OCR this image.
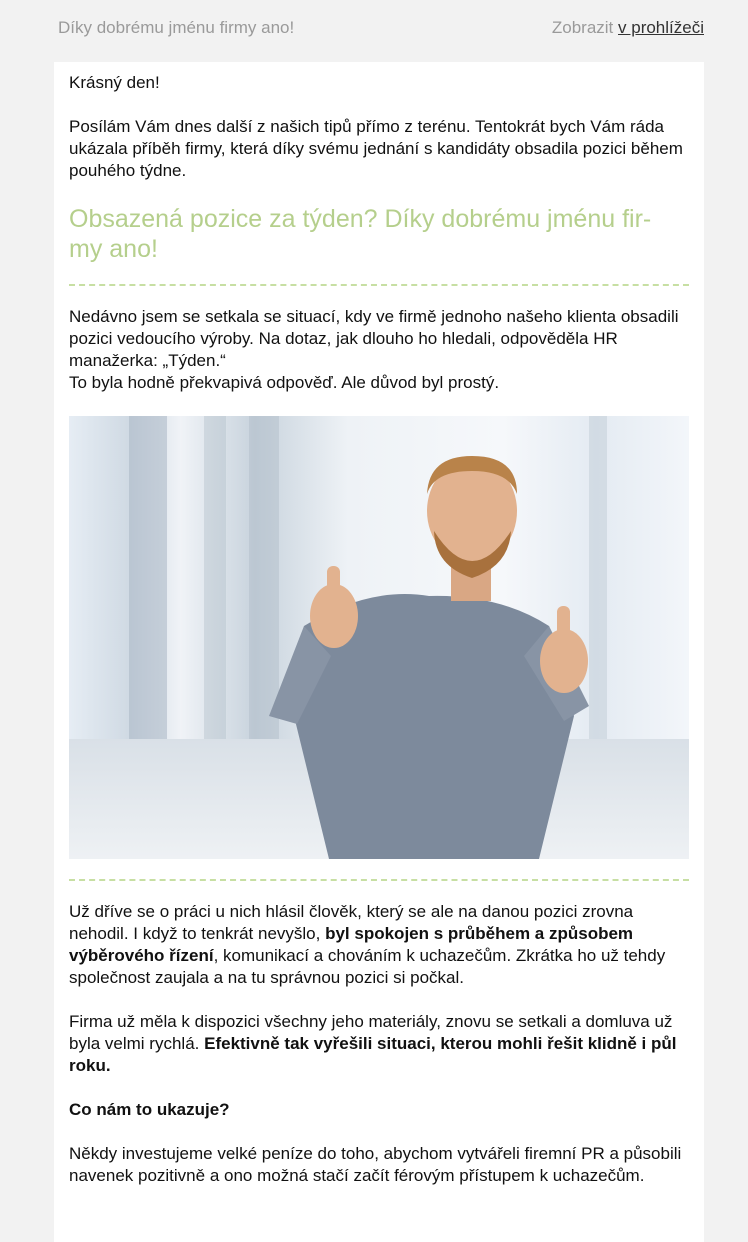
Díky dobrému jménu firmy ano!	Zobrazit v prohlížeči

Krásný den!

Posílám Vám dnes další z našich tipů přímo z terénu. Tentokrát bych Vám ráda ukázala příběh firmy, která díky svému jednání s kandidáty obsadila pozici během pouhého týdne.

Obsazená pozice za týden? Díky dobrému jménu fir-
my ano!

Nedávno jsem se setkala se situací, kdy ve firmě jednoho našeho klienta obsadili pozici vedoucího výroby. Na dotaz, jak dlouho ho hledali, odpověděla HR manažerka: „Týden.“
To byla hodně překvapivá odpověď. Ale důvod byl prostý.

Už dříve se o práci u nich hlásil člověk, který se ale na danou pozici zrovna nehodil. I když to tenkrát nevyšlo, byl spokojen s průběhem a způsobem výběrového řízení, komunikací a chováním k uchazečům. Zkrátka ho už tehdy společnost zaujala a na tu správnou pozici si počkal.

Firma už měla k dispozici všechny jeho materiály, znovu se setkali a domluva už byla velmi rychlá. Efektivně tak vyřešili situaci, kterou mohli řešit klidně i půl roku.

Co nám to ukazuje?

Někdy investujeme velké peníze do toho, abychom vytvářeli firemní PR a působili navenek pozitivně a ono možná stačí začít férovým přístupem k uchazečům.
